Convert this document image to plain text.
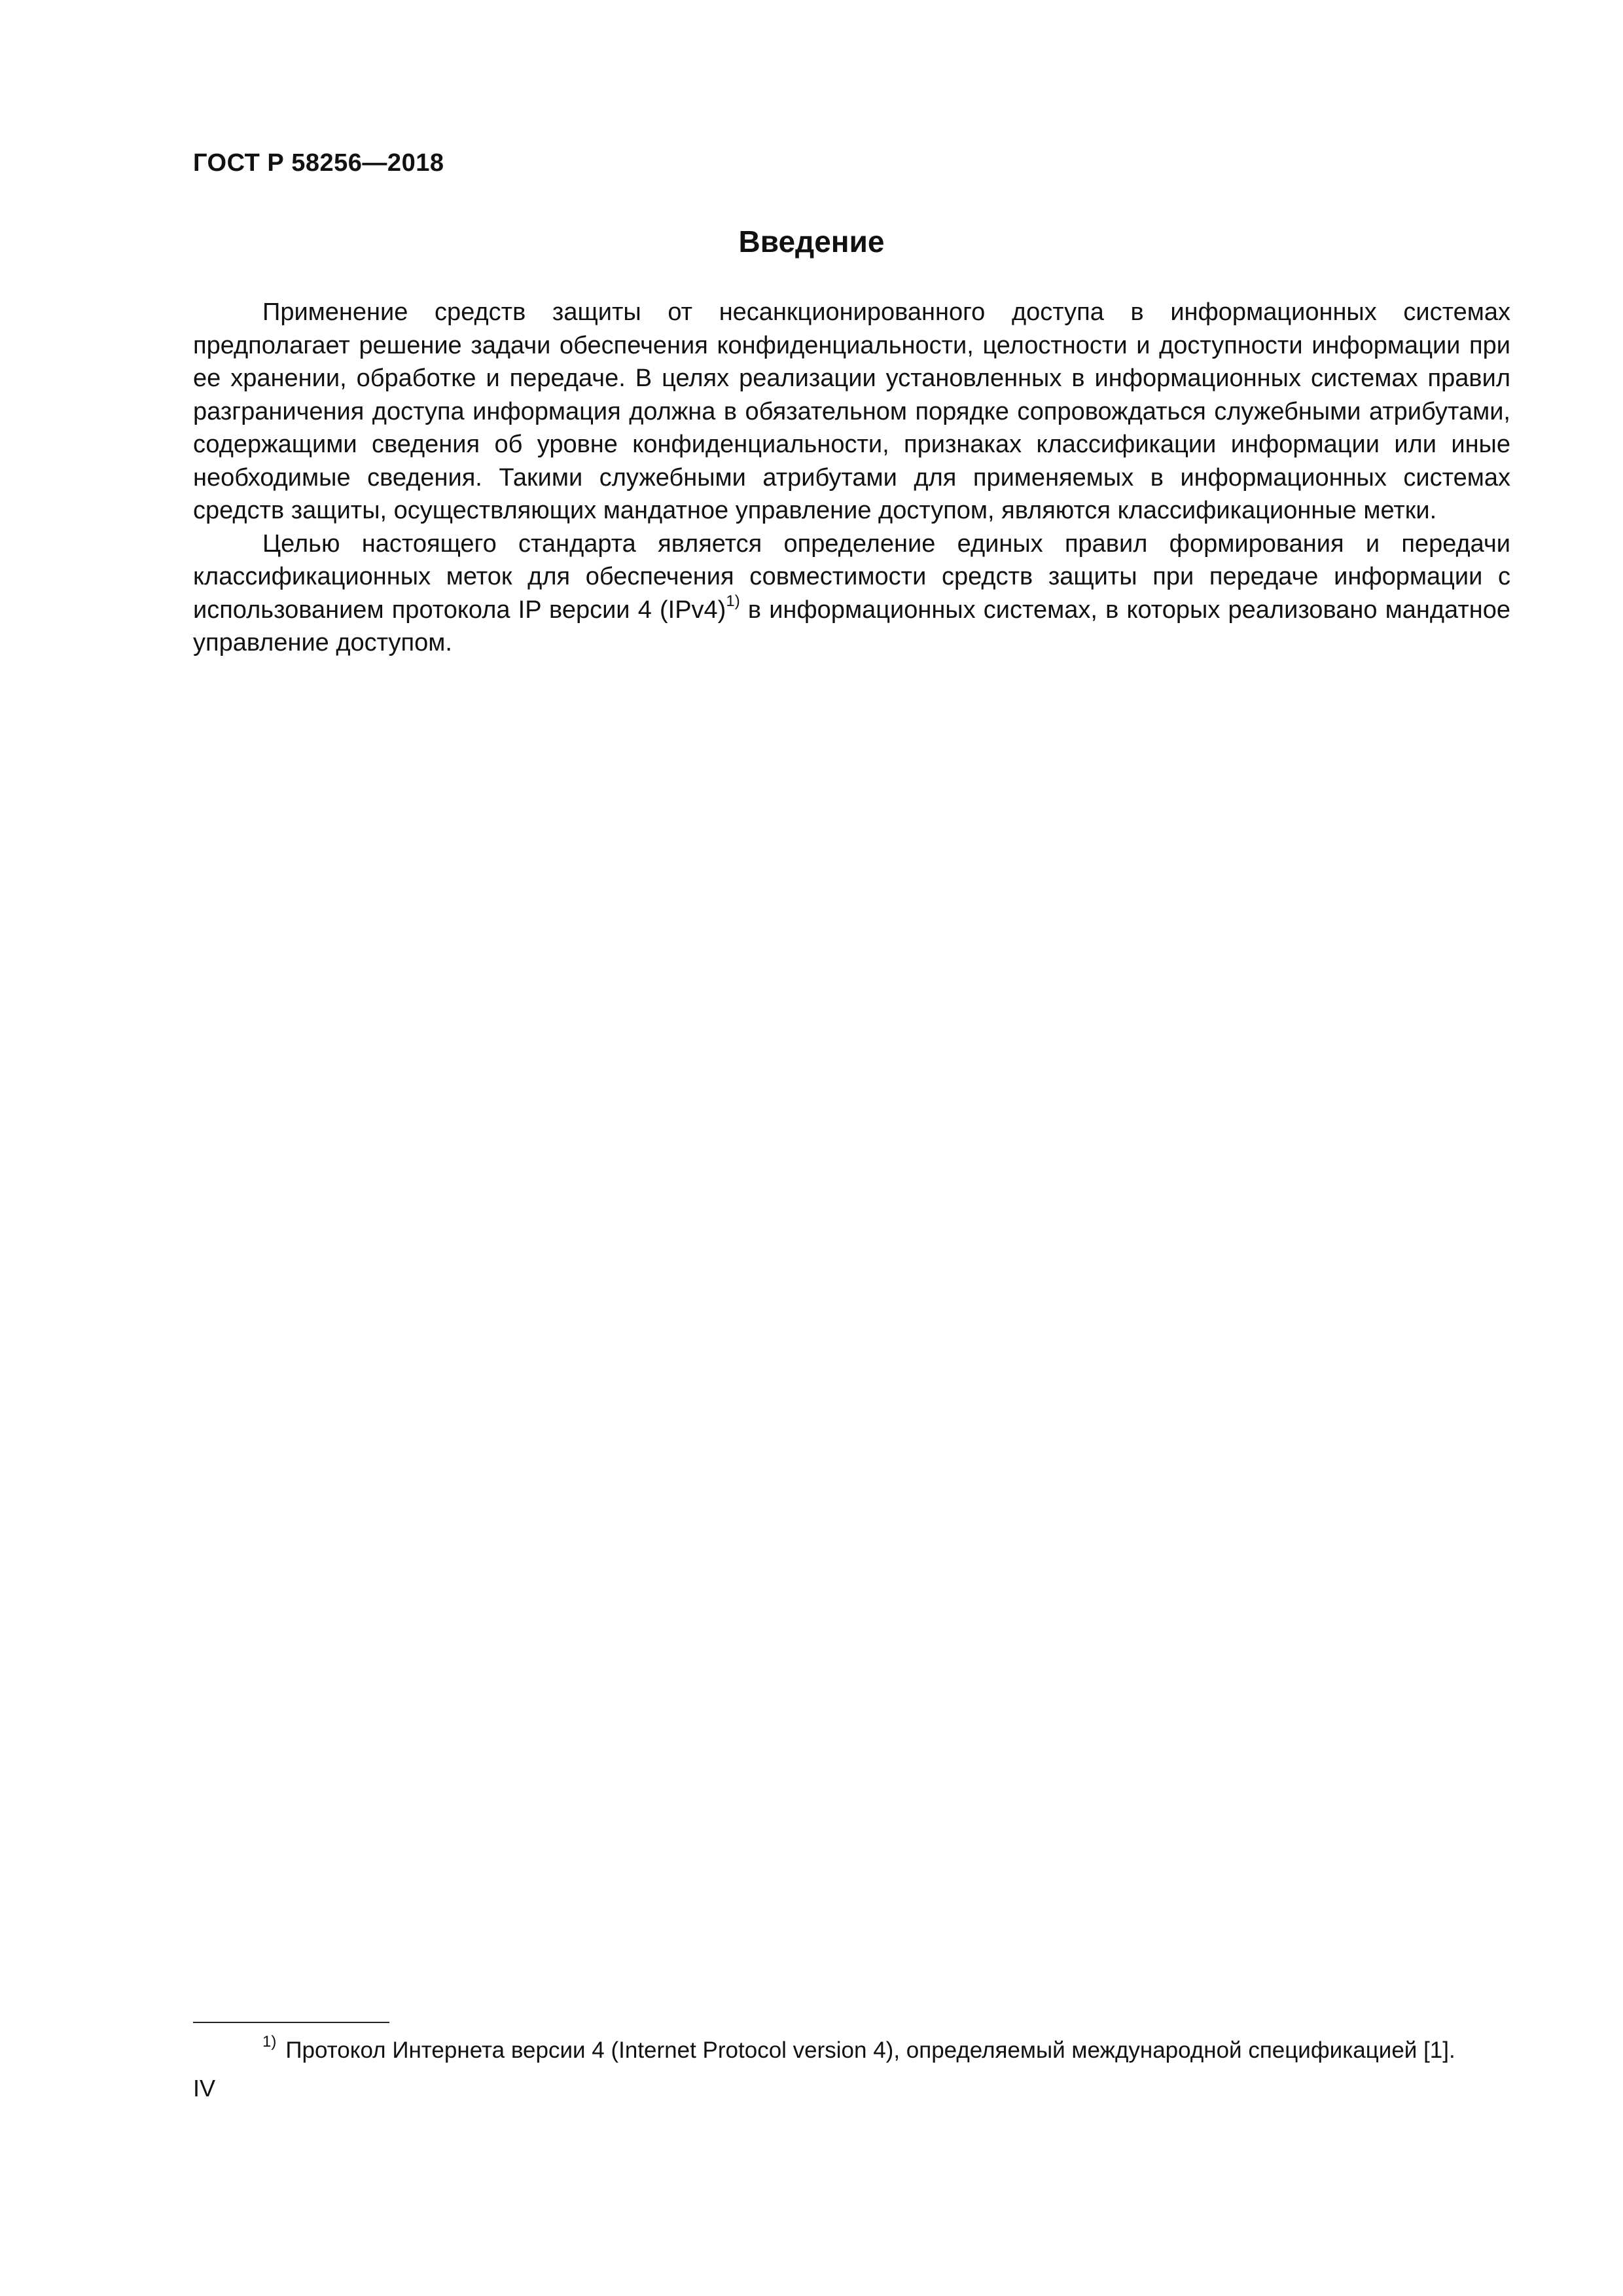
ГОСТ Р 58256—2018
Введение

Применение средств защиты от несанкционированного доступа в информационных системах предполагает решение задачи обеспечения конфиденциальности, целостности и доступности информации при ее хранении, обработке и передаче. В целях реализации установленных в информационных системах правил разграничения доступа информация должна в обязательном порядке сопровождаться служебными атрибутами, содержащими сведения об уровне конфиденциальности, признаках классификации информации или иные необходимые сведения. Такими служебными атрибутами для применяемых в информационных системах средств защиты, осуществляющих мандатное управление доступом, являются классификационные метки.

Целью настоящего стандарта является определение единых правил формирования и передачи классификационных меток для обеспечения совместимости средств защиты при передаче информации с использованием протокола IP версии 4 $(IPv4)^{1)}$ в информационных системах, в которых реализовано мандатное управление доступом.

$^{1)}$ Протокол Интернета версии 4 (Internet Protocol version 4), определяемый международной спецификацией [1].
IV
